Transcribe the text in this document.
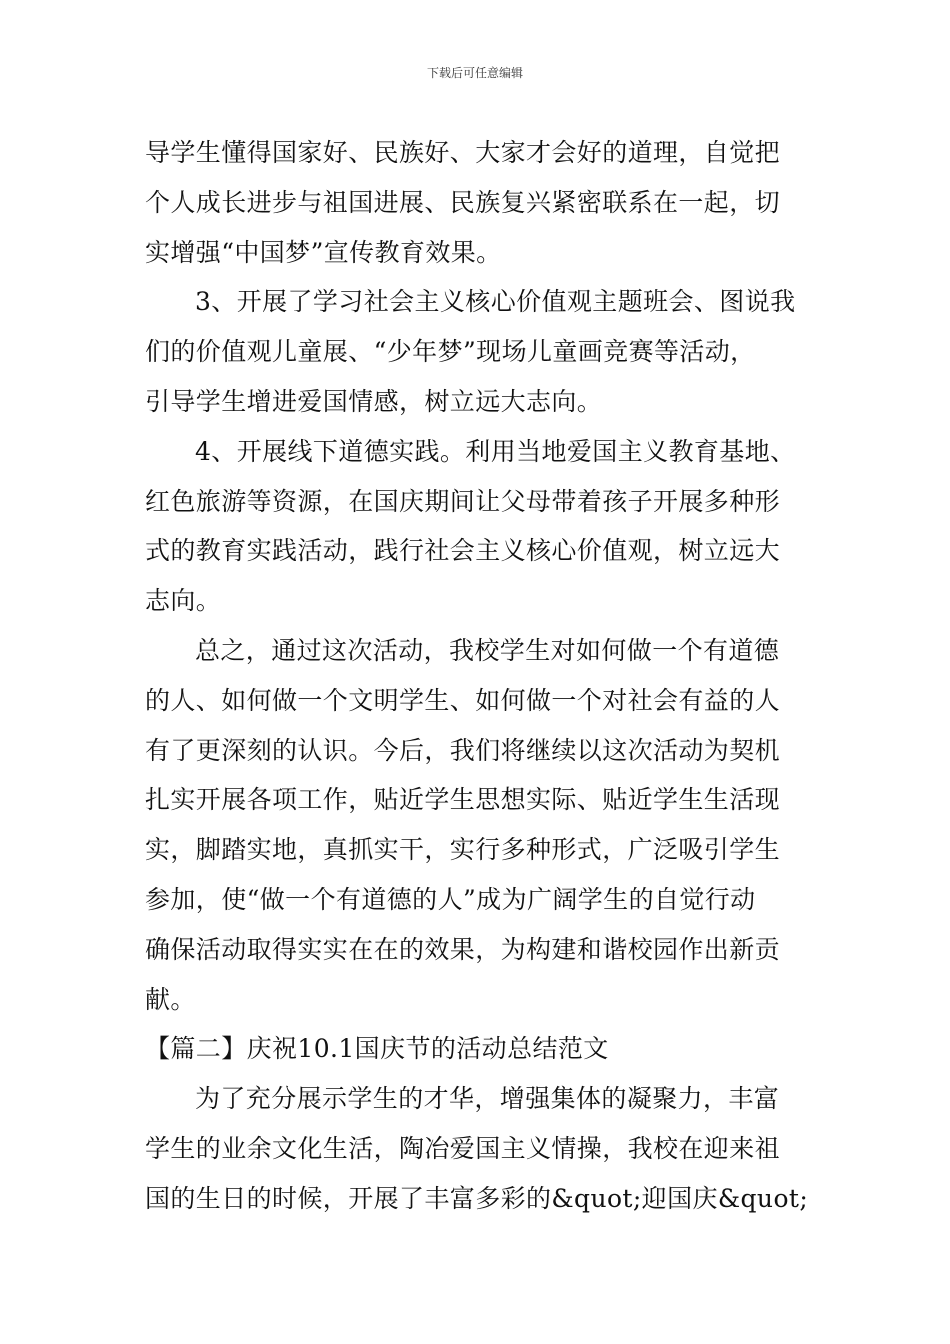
下载后可任意编辑
导学生懂得国家好、民族好、大家才会好的道理，自觉把
个人成长进步与祖国进展、民族复兴紧密联系在一起，切
实增强“中国梦”宣传教育效果。
3、开展了学习社会主义核心价值观主题班会、图说我
们的价值观儿童展、“少年梦”现场儿童画竞赛等活动，
引导学生增进爱国情感，树立远大志向。
4、开展线下道德实践。利用当地爱国主义教育基地、
红色旅游等资源，在国庆期间让父母带着孩子开展多种形
式的教育实践活动，践行社会主义核心价值观，树立远大
志向。
总之，通过这次活动，我校学生对如何做一个有道德
的人、如何做一个文明学生、如何做一个对社会有益的人
有了更深刻的认识。今后，我们将继续以这次活动为契机
扎实开展各项工作，贴近学生思想实际、贴近学生生活现
实，脚踏实地，真抓实干，实行多种形式，广泛吸引学生
参加，使“做一个有道德的人”成为广阔学生的自觉行动
确保活动取得实实在在的效果，为构建和谐校园作出新贡
献。
【篇二】庆祝10.1国庆节的活动总结范文
为了充分展示学生的才华，增强集体的凝聚力，丰富
学生的业余文化生活，陶冶爱国主义情操，我校在迎来祖
国的生日的时候，开展了丰富多彩的&quot;迎国庆&quot;
